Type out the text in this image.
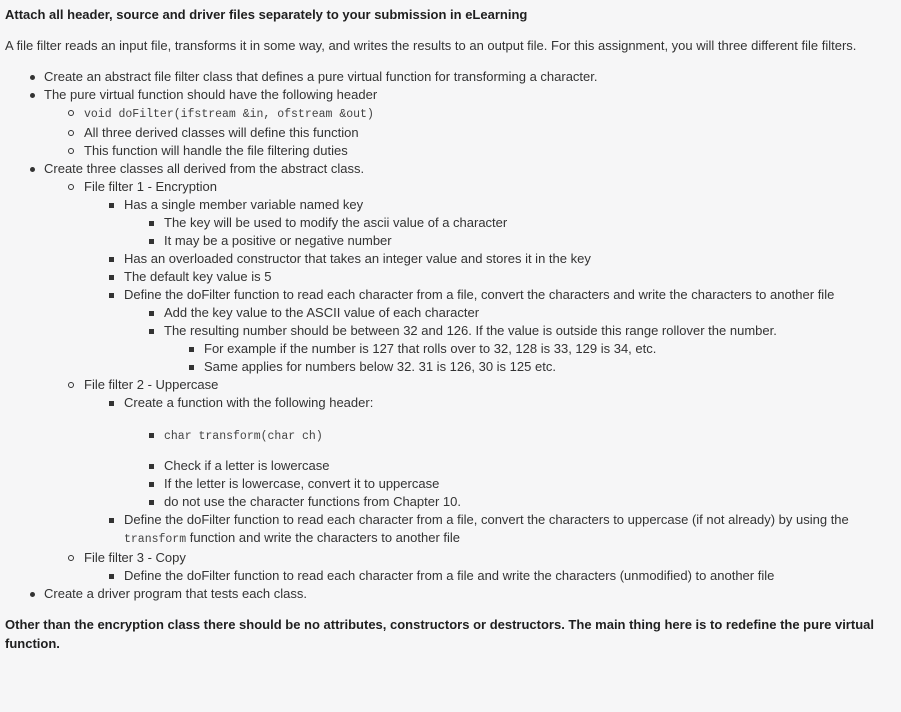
Attach all header, source and driver files separately to your submission in eLearning

A file filter reads an input file, transforms it in some way, and writes the results to an output file. For this assignment, you will three different file filters.

Create an abstract file filter class that defines a pure virtual function for transforming a character.
The pure virtual function should have the following header
void doFilter(ifstream &in, ofstream &out)
All three derived classes will define this function
This function will handle the file filtering duties
Create three classes all derived from the abstract class.
File filter 1 - Encryption
Has a single member variable named key
The key will be used to modify the ascii value of a character
It may be a positive or negative number
Has an overloaded constructor that takes an integer value and stores it in the key
The default key value is 5
Define the doFilter function to read each character from a file, convert the characters and write the characters to another file
Add the key value to the ASCII value of each character
The resulting number should be between 32 and 126. If the value is outside this range rollover the number.
For example if the number is 127 that rolls over to 32, 128 is 33, 129 is 34, etc.
Same applies for numbers below 32. 31 is 126, 30 is 125 etc.
File filter 2 - Uppercase
Create a function with the following header:
char transform(char ch)
Check if a letter is lowercase
If the letter is lowercase, convert it to uppercase
do not use the character functions from Chapter 10.
Define the doFilter function to read each character from a file, convert the characters to uppercase (if not already) by using the transform function and write the characters to another file
File filter 3 - Copy
Define the doFilter function to read each character from a file and write the characters (unmodified) to another file
Create a driver program that tests each class.

Other than the encryption class there should be no attributes, constructors or destructors. The main thing here is to redefine the pure virtual function.
